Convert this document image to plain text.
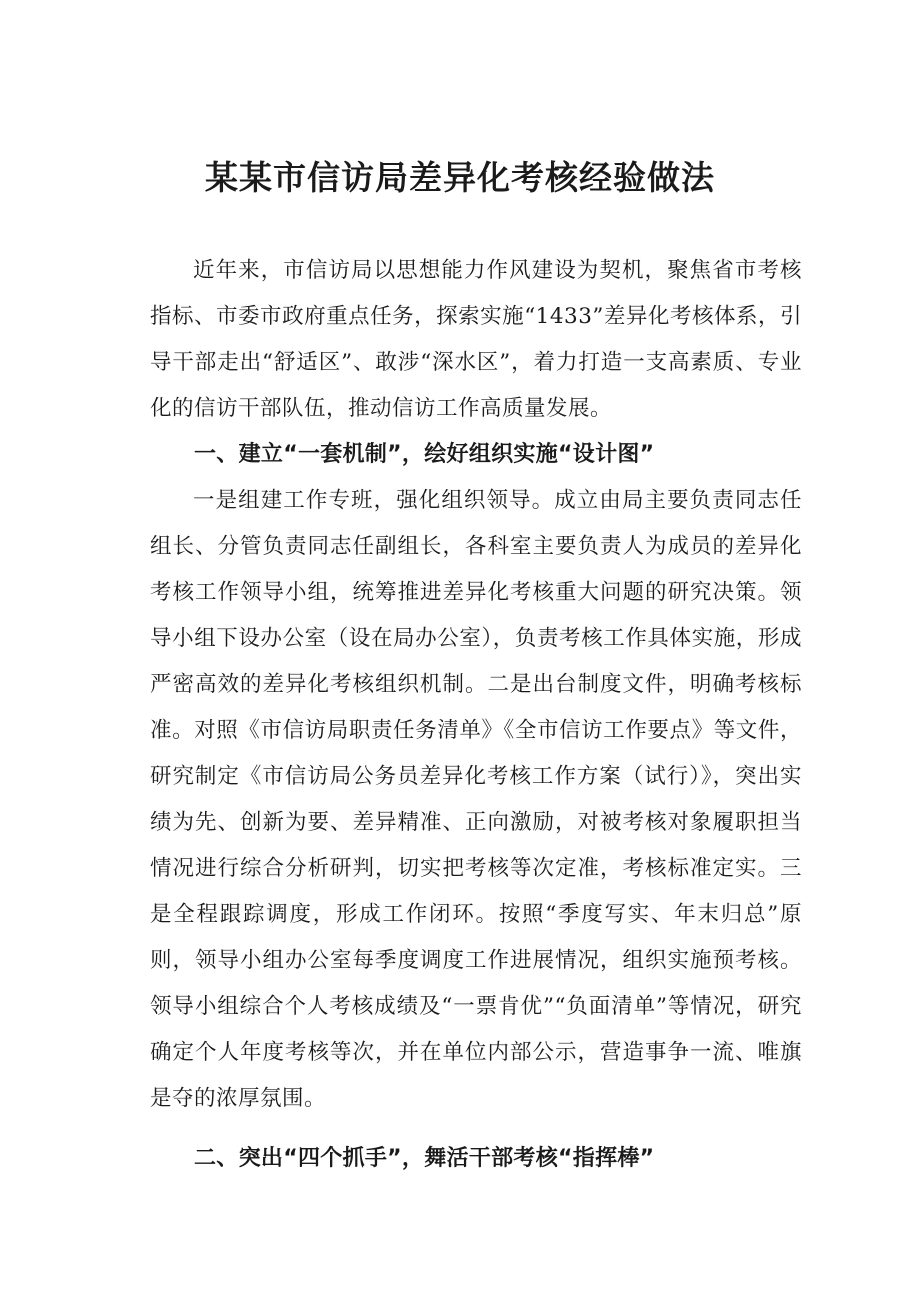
某某市信访局差异化考核经验做法

近年来，市信访局以思想能力作风建设为契机，聚焦省市考核指标、市委市政府重点任务，探索实施“1433”差异化考核体系，引导干部走出“舒适区”、敢涉“深水区”，着力打造一支高素质、专业化的信访干部队伍，推动信访工作高质量发展。

一、建立“一套机制”，绘好组织实施“设计图”

一是组建工作专班，强化组织领导。成立由局主要负责同志任组长、分管负责同志任副组长，各科室主要负责人为成员的差异化考核工作领导小组，统筹推进差异化考核重大问题的研究决策。领导小组下设办公室（设在局办公室），负责考核工作具体实施，形成严密高效的差异化考核组织机制。二是出台制度文件，明确考核标准。对照《市信访局职责任务清单》《全市信访工作要点》等文件，研究制定《市信访局公务员差异化考核工作方案（试行）》，突出实绩为先、创新为要、差异精准、正向激励，对被考核对象履职担当情况进行综合分析研判，切实把考核等次定准，考核标准定实。三是全程跟踪调度，形成工作闭环。按照“季度写实、年末归总”原则，领导小组办公室每季度调度工作进展情况，组织实施预考核。领导小组综合个人考核成绩及“一票肯优”“负面清单”等情况，研究确定个人年度考核等次，并在单位内部公示，营造事争一流、唯旗是夺的浓厚氛围。

二、突出“四个抓手”，舞活干部考核“指挥棒”
